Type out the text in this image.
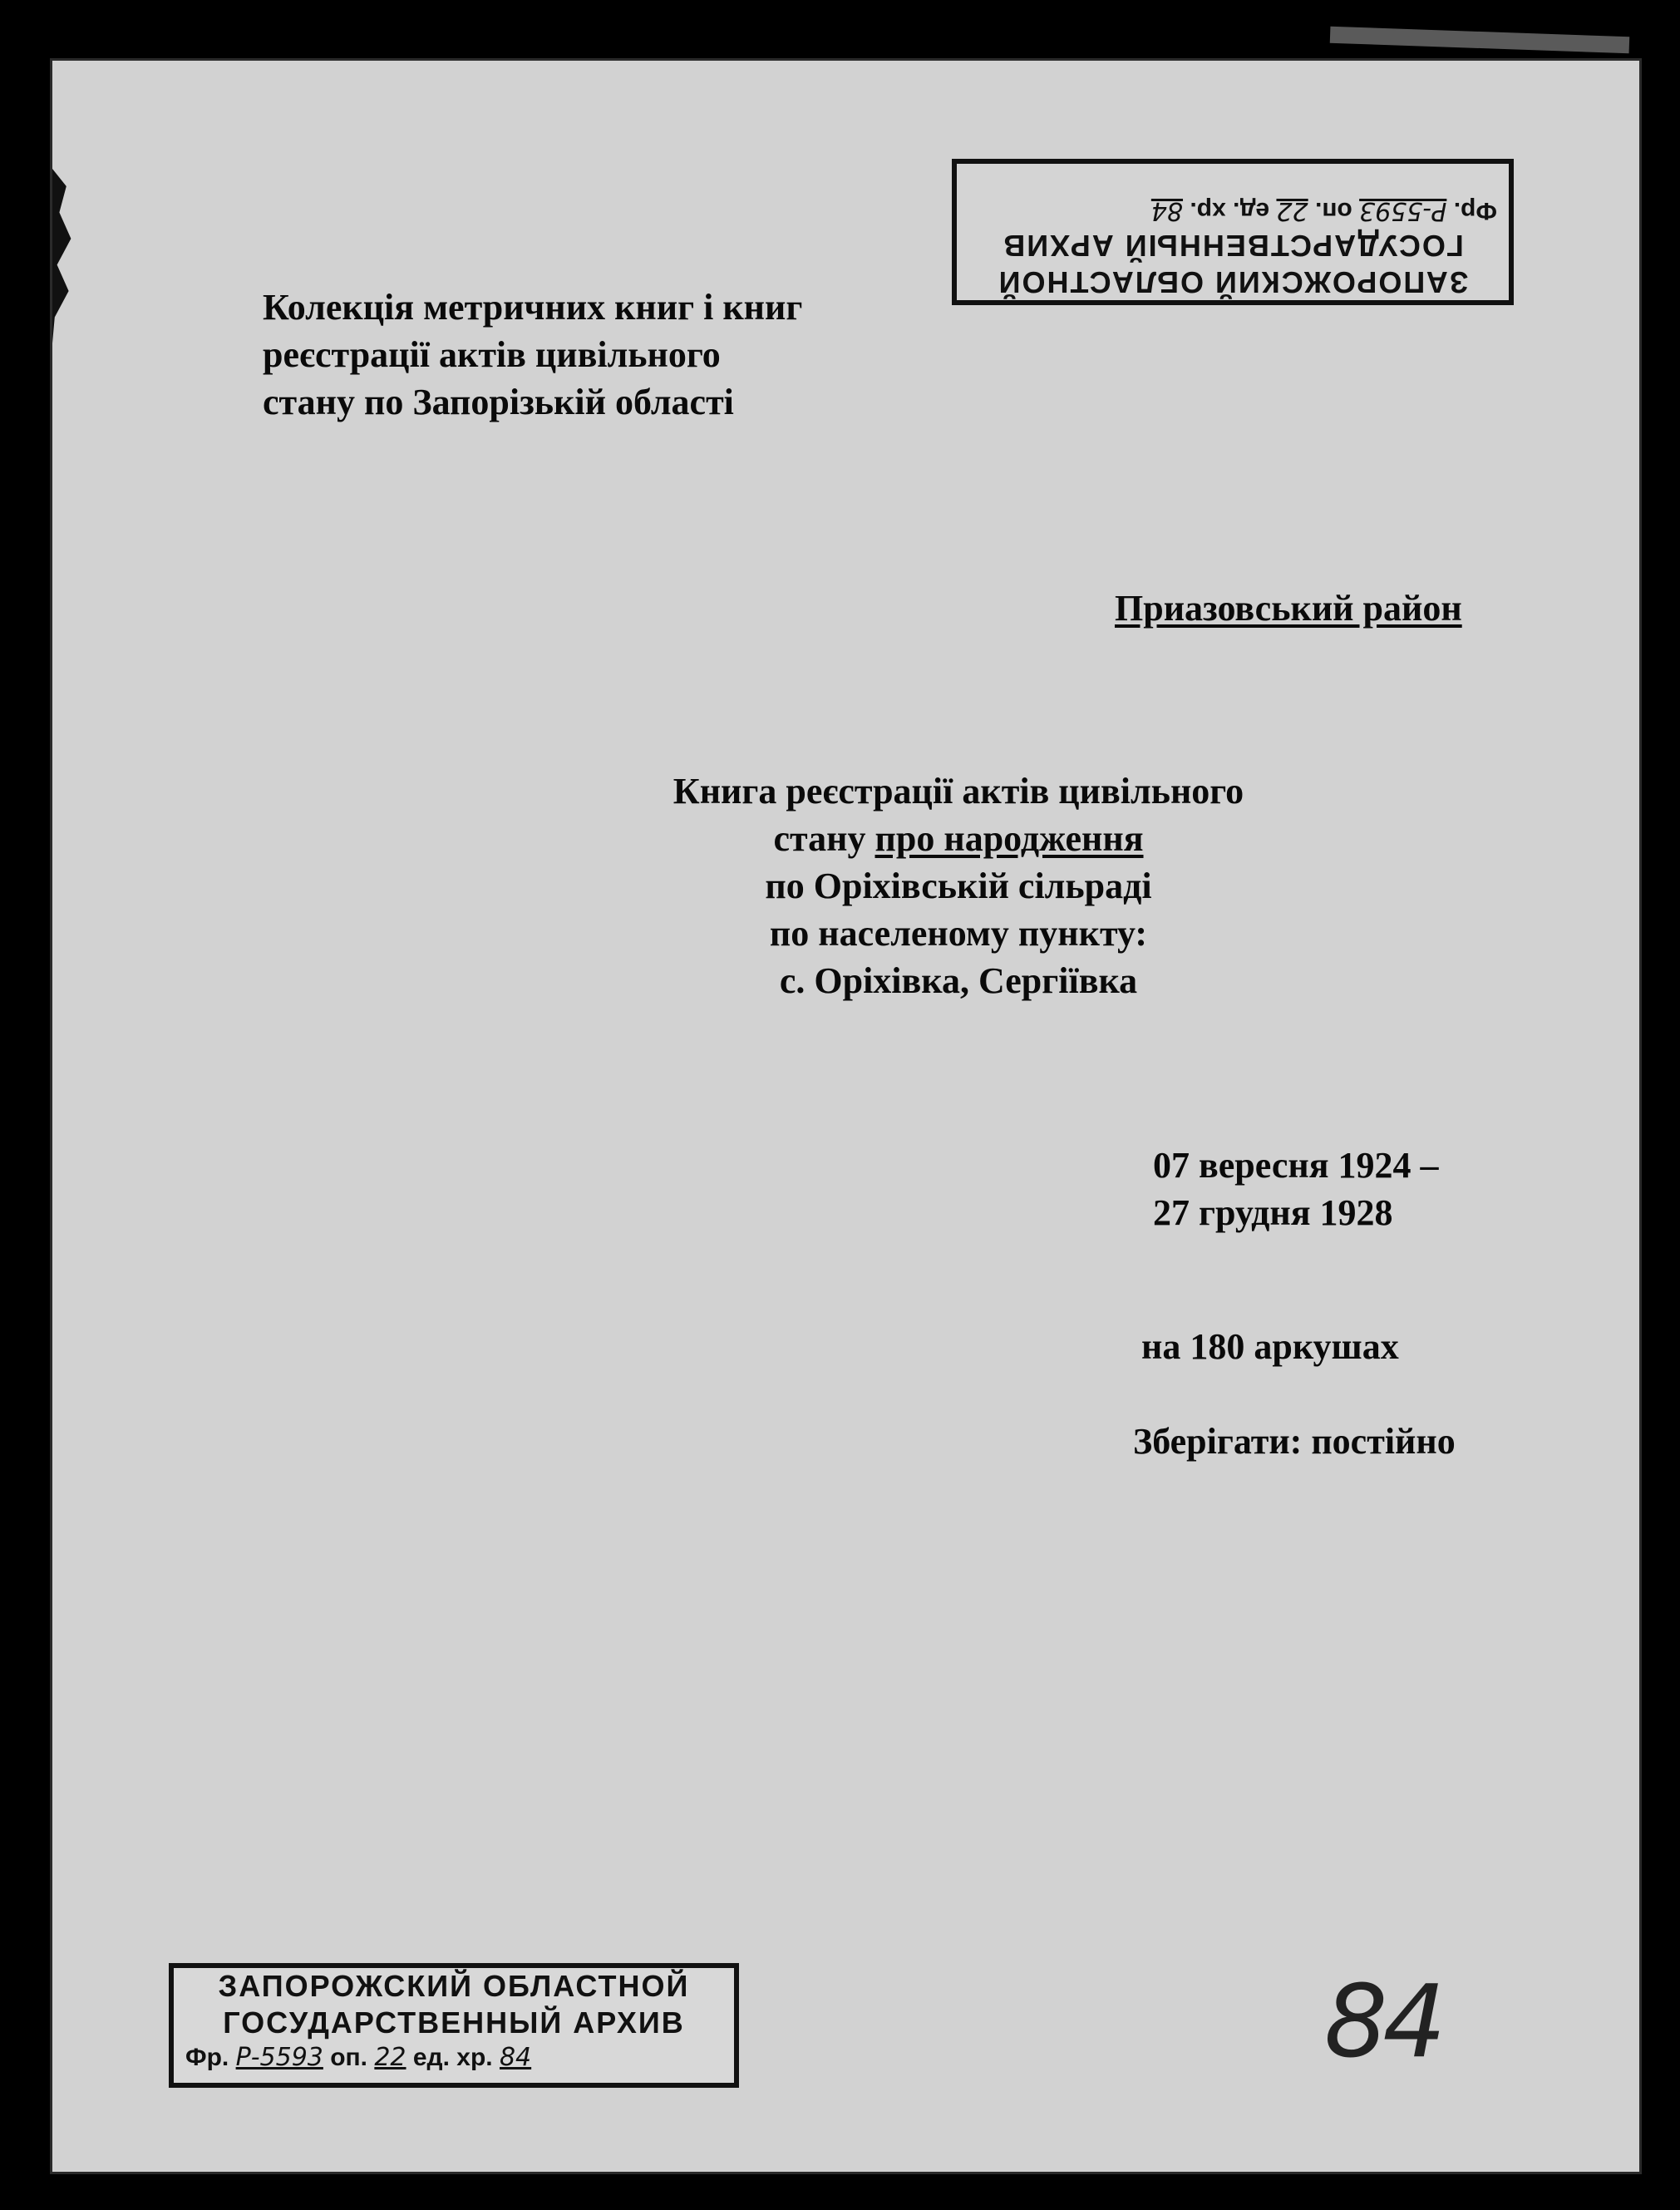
Колекція метричних книг і книг
реєстрації актів цивільного
стану по Запорізькій області
Приазовський район
Книга реєстрації актів цивільного
стану про народження
по Оріхівській сільраді
по населеному пункту:
с. Оріхівка, Сергіївка
07 вересня 1924 –
27 грудня 1928
на 180 аркушах
Зберігати: постійно
ЗАПОРОЖСКИЙ ОБЛАСТНОЙ
ГОСУДАРСТВЕННЫЙ АРХИВ
Фр. Р-5593 оп. 22 ед. хр. 84
ЗАПОРОЖСКИЙ ОБЛАСТНОЙ
ГОСУДАРСТВЕННЫЙ АРХИВ
Фр. Р-5593 оп. 22 ед. хр. 84	84
